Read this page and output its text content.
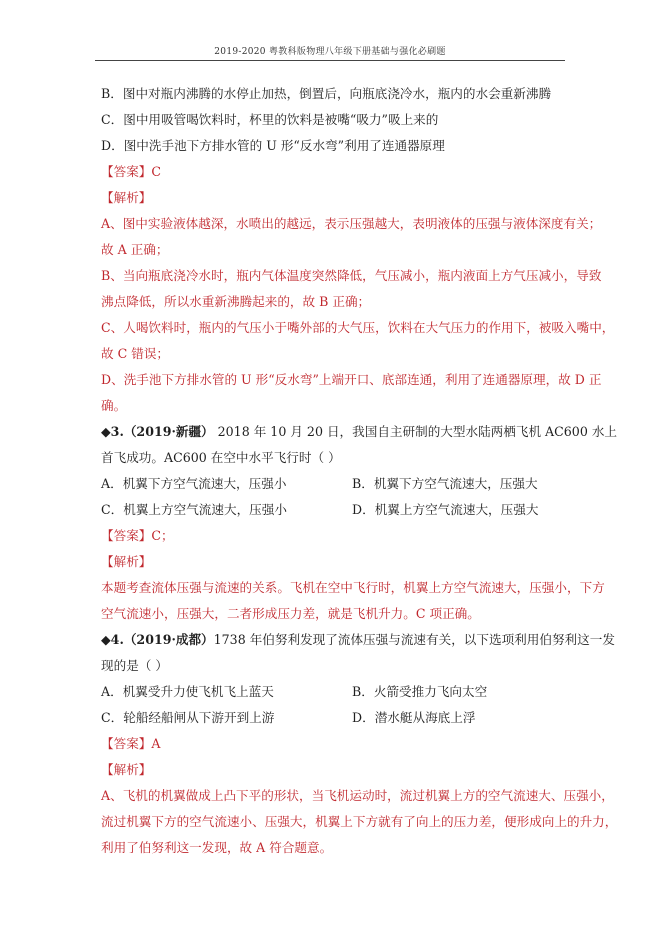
2019-2020 粤教科版物理八年级下册基础与强化必刷题
B．图中对瓶内沸腾的水停止加热，倒置后，向瓶底浇冷水，瓶内的水会重新沸腾
C．图中用吸管喝饮料时，杯里的饮料是被嘴“吸力”吸上来的
D．图中洗手池下方排水管的 U 形“反水弯”利用了连通器原理
【答案】C
【解析】
A、图中实验液体越深，水喷出的越远，表示压强越大，表明液体的压强与液体深度有关；
故 A 正确；
B、当向瓶底浇冷水时，瓶内气体温度突然降低，气压减小，瓶内液面上方气压减小，导致
沸点降低，所以水重新沸腾起来的，故 B 正确；
C、人喝饮料时，瓶内的气压小于嘴外部的大气压，饮料在大气压力的作用下，被吸入嘴中，
故 C 错误；
D、洗手池下方排水管的 U 形“反水弯”上端开口、底部连通，利用了连通器原理，故 D 正
确。
◆3.（2019·新疆） 2018 年 10 月 20 日，我国自主研制的大型水陆两栖飞机 AC600 水上
首飞成功。AC600 在空中水平飞行时（ ）
A．机翼下方空气流速大，压强小	B．机翼下方空气流速大，压强大
C．机翼上方空气流速大，压强小	D．机翼上方空气流速大，压强大
【答案】C；
【解析】
本题考查流体压强与流速的关系。飞机在空中飞行时，机翼上方空气流速大，压强小，下方
空气流速小，压强大，二者形成压力差，就是飞机升力。C 项正确。
◆4.（2019·成都）1738 年伯努利发现了流体压强与流速有关，以下选项利用伯努利这一发
现的是（ ）
A．机翼受升力使飞机飞上蓝天	B．火箭受推力飞向太空
C．轮船经船闸从下游开到上游	D．潜水艇从海底上浮
【答案】A
【解析】
A、飞机的机翼做成上凸下平的形状，当飞机运动时，流过机翼上方的空气流速大、压强小，
流过机翼下方的空气流速小、压强大，机翼上下方就有了向上的压力差，便形成向上的升力，
利用了伯努利这一发现，故 A 符合题意。
